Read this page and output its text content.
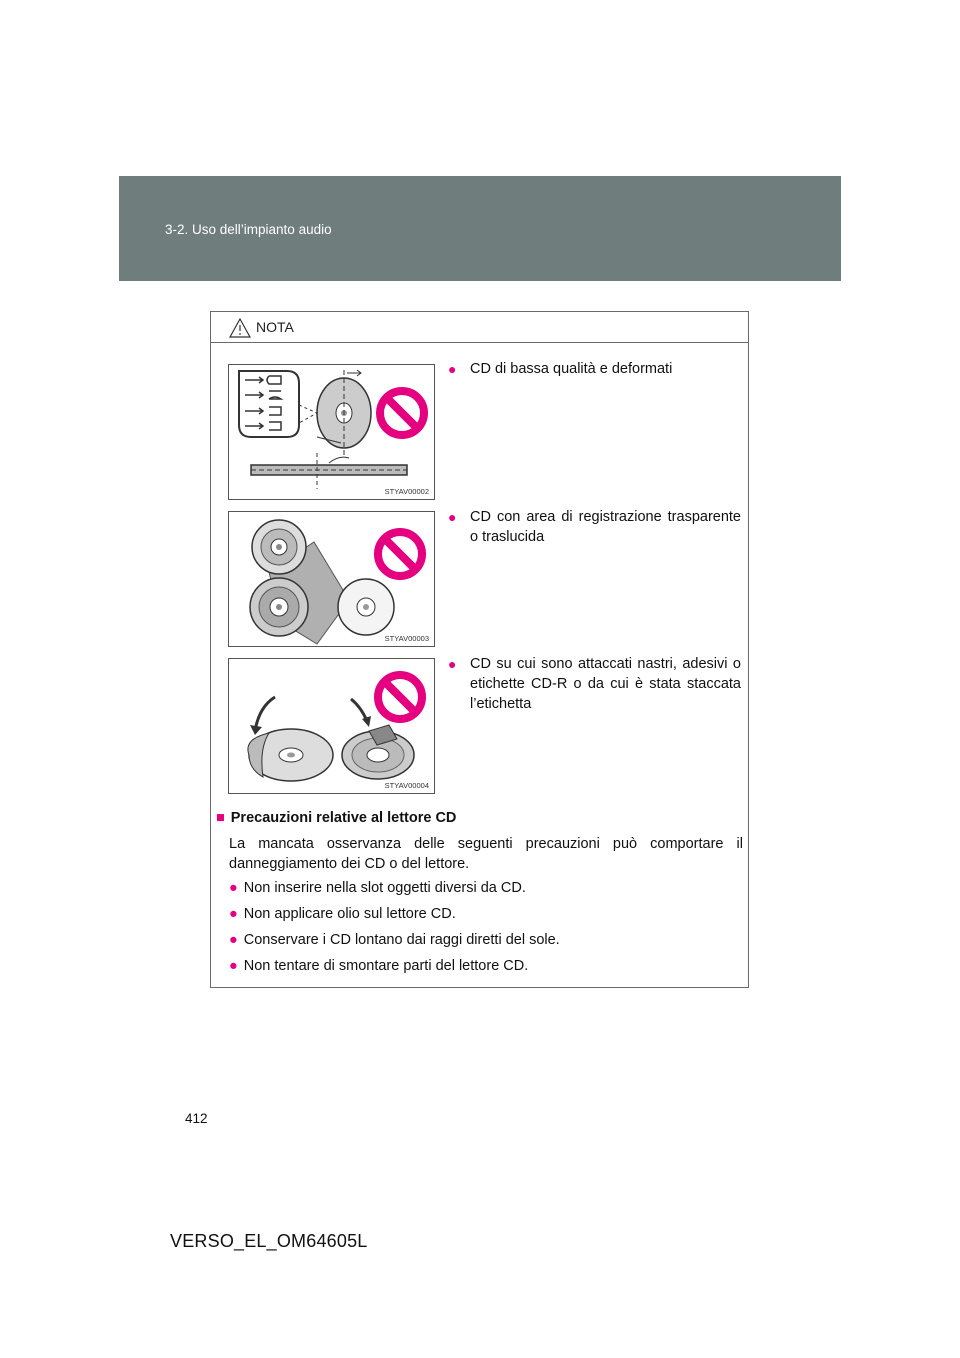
3-2. Uso dell’impianto audio
NOTA
STYAV00002
● CD di bassa qualità e deformati
STYAV00003
● CD con area di registrazione trasparente o traslucida
STYAV00004
● CD su cui sono attaccati nastri, adesivi o etichette CD-R o da cui è stata staccata l’etichetta
■ Precauzioni relative al lettore CD
La mancata osservanza delle seguenti precauzioni può comportare il danneggiamento dei CD o del lettore.
● Non inserire nella slot oggetti diversi da CD.
● Non applicare olio sul lettore CD.
● Conservare i CD lontano dai raggi diretti del sole.
● Non tentare di smontare parti del lettore CD.
412
VERSO_EL_OM64605L
